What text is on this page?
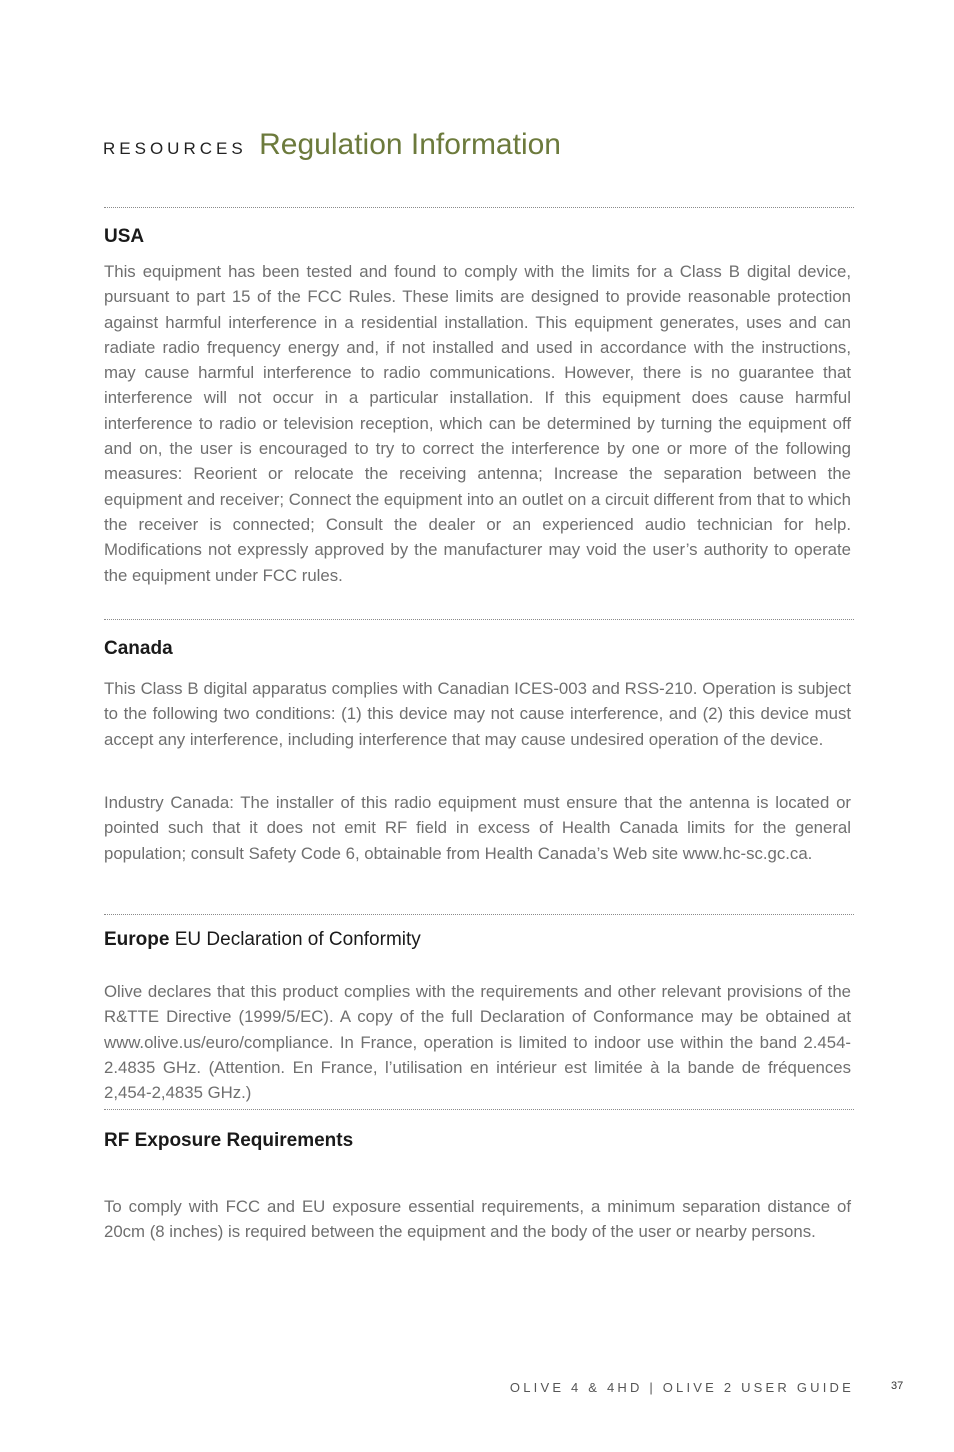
RESOURCES Regulation Information
USA

This equipment has been tested and found to comply with the limits for a Class B digital device, pursuant to part 15 of the FCC Rules. These limits are designed to provide reasonable protection against harmful interference in a residential installation. This equipment generates, uses and can radiate radio frequency energy and, if not installed and used in accordance with the instructions, may cause harmful interference to radio communications. However, there is no guarantee that interference will not occur in a particular installation. If this equipment does cause harmful interference to radio or television reception, which can be determined by turning the equipment off and on, the user is encouraged to try to correct the interference by one or more of the following measures: Reorient or relocate the receiving antenna; Increase the separation between the equipment and receiver; Connect the equipment into an outlet on a circuit different from that to which the receiver is connected; Consult the dealer or an experienced audio technician for help. Modifications not expressly approved by the manufacturer may void the user’s authority to operate the equipment under FCC rules.

Canada

This Class B digital apparatus complies with Canadian ICES-003 and RSS-210. Operation is subject to the following two conditions: (1) this device may not cause interference, and (2) this device must accept any interference, including interference that may cause undesired operation of the device.

Industry Canada: The installer of this radio equipment must ensure that the antenna is located or pointed such that it does not emit RF field in excess of Health Canada limits for the general population; consult Safety Code 6, obtainable from Health Canada’s Web site www.hc-sc.gc.ca.

Europe EU Declaration of Conformity

Olive declares that this product complies with the requirements and other relevant provisions of the R&TTE Directive (1999/5/EC). A copy of the full Declaration of Conformance may be obtained at www.olive.us/euro/compliance. In France, operation is limited to indoor use within the band 2.454-2.4835 GHz. (Attention. En France, l’utilisation en intérieur est limitée à la bande de fréquences 2,454-2,4835 GHz.)

RF Exposure Requirements

To comply with FCC and EU exposure essential requirements, a minimum separation distance of 20cm (8 inches) is required between the equipment and the body of the user or nearby persons.

OLIVE 4 & 4HD | OLIVE 2 USER GUIDE	37
